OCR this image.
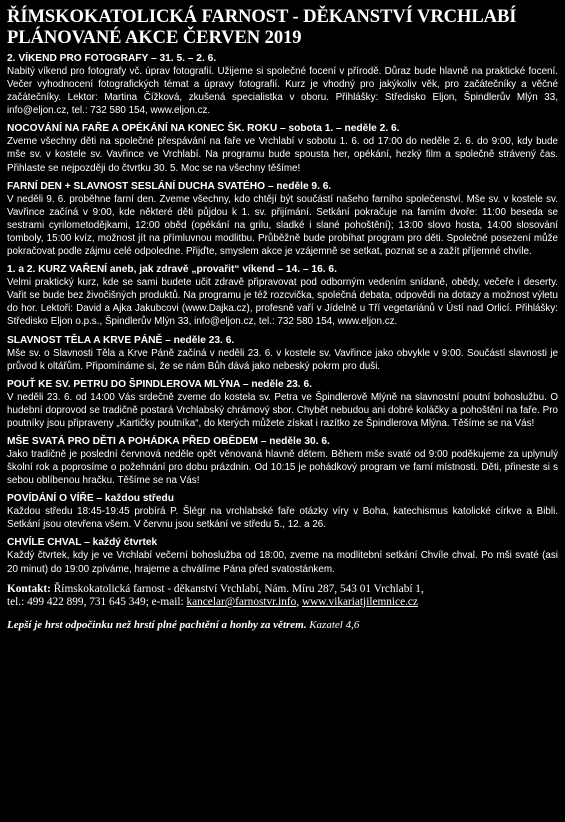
ŘÍMSKOKATOLICKÁ FARNOST - DĚKANSTVÍ VRCHLABÍ
PLÁNOVANÉ AKCE ČERVEN 2019
2. VÍKEND PRO FOTOGRAFY – 31. 5. – 2. 6.

Nabitý víkend pro fotografy vč. úprav fotografií. Užijeme si společné focení v přírodě. Důraz bude hlavně na praktické focení. Večer vyhodnocení fotografických témat a úpravy fotografií. Kurz je vhodný pro jakýkoliv věk, pro začátečníky a věčné začátečníky. Lektor: Martina Čížková, zkušená specialistka v oboru. Přihlášky: Středisko Eljon, Špindlerův Mlýn 33, info@eljon.cz, tel.: 732 580 154, www.eljon.cz.

NOCOVÁNÍ NA FAŘE A OPÉKÁNÍ NA KONEC ŠK. ROKU – sobota 1. – neděle 2. 6.

Zveme všechny děti na společné přespávání na faře ve Vrchlabí v sobotu 1. 6. od 17:00 do neděle 2. 6. do 9:00, kdy bude mše sv. v kostele sv. Vavřince ve Vrchlabí. Na programu bude spousta her, opékání, hezký film a společně strávený čas. Přihlaste se nejpozději do čtvrtku 30. 5. Moc se na všechny těšíme!

FARNÍ DEN + SLAVNOST SESLÁNÍ DUCHA SVATÉHO – neděle 9. 6.

V neděli 9. 6. proběhne farní den. Zveme všechny, kdo chtějí být součástí našeho farního společenství. Mše sv. v kostele sv. Vavřince začíná v 9:00, kde některé děti půjdou k 1. sv. přijímání. Setkání pokračuje na farním dvoře: 11:00 beseda se sestrami cyrilometodějkami, 12:00 oběd (opékání na grilu, sladké i slané pohoštění); 13:00 slovo hosta, 14:00 slosování tomboly, 15:00 kvíz, možnost jít na přímluvnou modlitbu. Průběžně bude probíhat program pro děti. Společné posezení může pokračovat podle zájmu celé odpoledne. Přijďte, smyslem akce je vzájemně se setkat, poznat se a zažít příjemné chvíle.

1. a 2. KURZ VAŘENÍ aneb, jak zdravě „provařit“ víkend – 14. – 16. 6.

Velmi praktický kurz, kde se sami budete učit zdravě připravovat pod odborným vedením snídaně, obědy, večeře i deserty. Vařit se bude bez živočišných produktů. Na programu je též rozcvička, společná debata, odpovědi na dotazy a možnost výletu do hor. Lektoři: David a Ajka Jakubcovi (www.Dajka.cz), profesně vaří v Jídelně u Tří vegetariánů v Ústí nad Orlicí. Přihlášky: Středisko Eljon o.p.s., Špindlerův Mlýn 33, info@eljon.cz, tel.: 732 580 154, www.eljon.cz.

SLAVNOST TĚLA A KRVE PÁNĚ – neděle 23. 6.

Mše sv. o Slavnosti Těla a Krve Páně začíná v neděli 23. 6. v kostele sv. Vavřince jako obvykle v 9:00. Součástí slavnosti je průvod k oltářům. Připomínáme si, že se nám Bůh dává jako nebeský pokrm pro duši.

POUŤ KE SV. PETRU DO ŠPINDLEROVA MLÝNA – neděle 23. 6.

V neděli 23. 6. od 14:00 Vás srdečně zveme do kostela sv. Petra ve Špindlerově Mlýně na slavnostní poutní bohoslužbu. O hudební doprovod se tradičně postará Vrchlabský chrámový sbor. Chybět nebudou ani dobré koláčky a pohoštění na faře. Pro poutníky jsou připraveny „Kartičky poutníka“, do kterých můžete získat i razítko ze Špindlerova Mlýna. Těšíme se na Vás!

MŠE SVATÁ PRO DĚTI A POHÁDKA PŘED OBĚDEM – neděle 30. 6.

Jako tradičně je poslední červnová neděle opět věnovaná hlavně dětem. Během mše svaté od 9:00 poděkujeme za uplynulý školní rok a poprosíme o požehnání pro dobu prázdnin. Od 10:15 je pohádkový program ve farní místnosti. Děti, přineste si s sebou oblíbenou hračku. Těšíme se na Vás!

POVÍDÁNÍ O VÍŘE – každou středu

Každou středu 18:45-19:45 probírá P. Šlégr na vrchlabské faře otázky víry v Boha, katechismus katolické církve a Bibli. Setkání jsou otevřena všem. V červnu jsou setkání ve středu 5., 12. a 26.

CHVÍLE CHVAL – každý čtvrtek

Každý čtvrtek, kdy je ve Vrchlabí večerní bohoslužba od 18:00, zveme na modlitební setkání Chvíle chval. Po mši svaté (asi 20 minut) do 19:00 zpíváme, hrajeme a chválíme Pána před svatostánkem.

Kontakt: Římskokatolická farnost - děkanství Vrchlabí, Nám. Míru 287, 543 01 Vrchlabí 1,
tel.: 499 422 899, 731 645 349; e-mail: kancelar@farnostvr.info, www.vikariatjilemnice.cz
Lepší je hrst odpočinku než hrstí plné pachtění a honby za větrem. Kazatel 4,6
